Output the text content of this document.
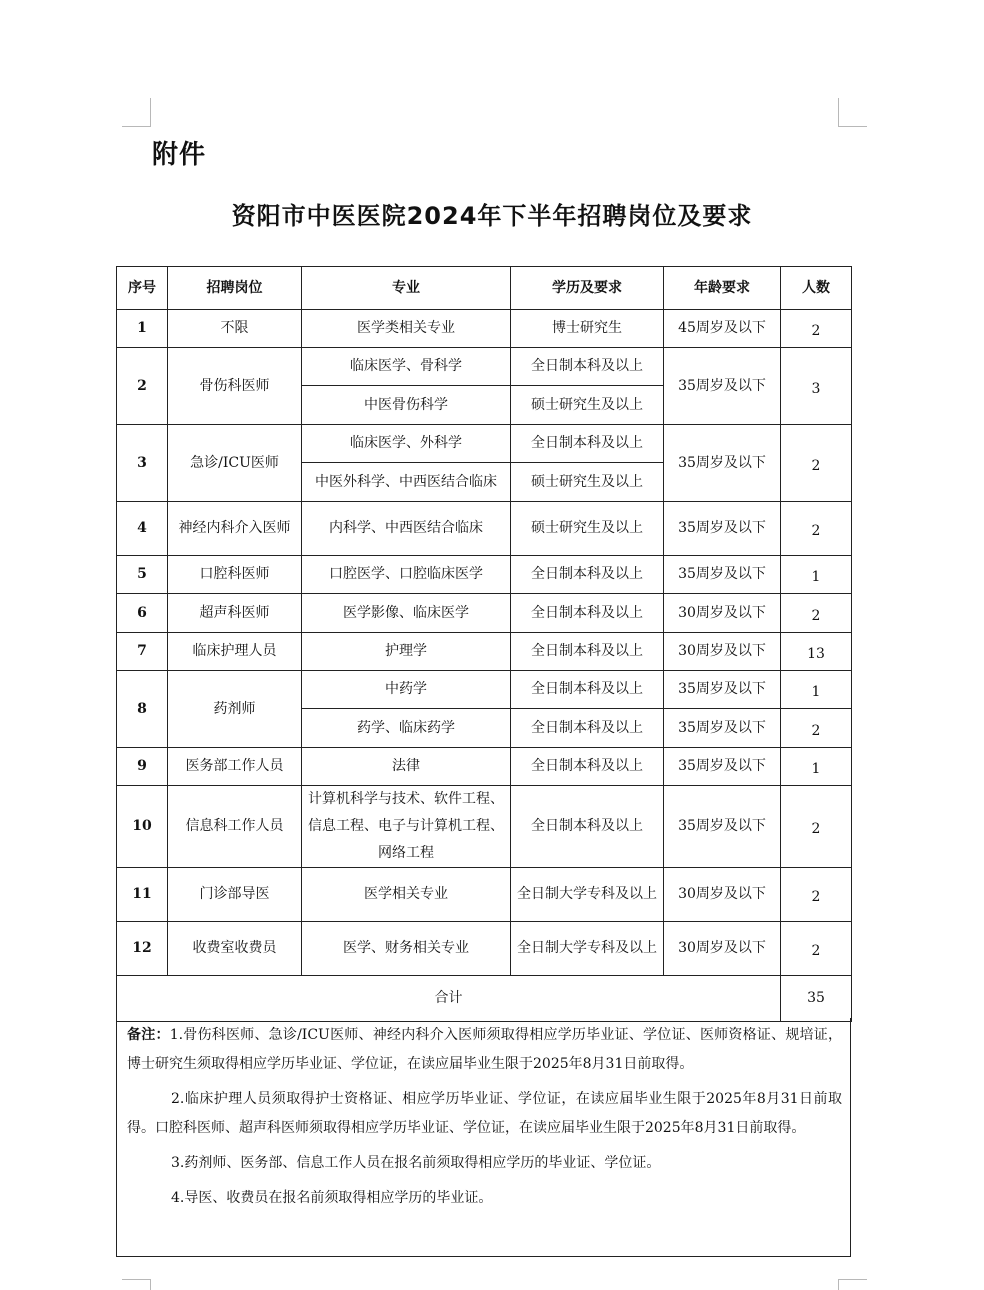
附件
资阳市中医医院2024年下半年招聘岗位及要求
序号	招聘岗位	专业	学历及要求	年龄要求	人数
1	不限	医学类相关专业	博士研究生	45周岁及以下	2
2	骨伤科医师	临床医学、骨科学	全日制本科及以上	35周岁及以下	3
		中医骨伤科学	硕士研究生及以上		
3	急诊/ICU医师	临床医学、外科学	全日制本科及以上	35周岁及以下	2
		中医外科学、中西医结合临床	硕士研究生及以上		
4	神经内科介入医师	内科学、中西医结合临床	硕士研究生及以上	35周岁及以下	2
5	口腔科医师	口腔医学、口腔临床医学	全日制本科及以上	35周岁及以下	1
6	超声科医师	医学影像、临床医学	全日制本科及以上	30周岁及以下	2
7	临床护理人员	护理学	全日制本科及以上	30周岁及以下	13
8	药剂师	中药学	全日制本科及以上	35周岁及以下	1
		药学、临床药学	全日制本科及以上	35周岁及以下	2
9	医务部工作人员	法律	全日制本科及以上	35周岁及以下	1
10	信息科工作人员	计算机科学与技术、软件工程、信息工程、电子与计算机工程、网络工程	全日制本科及以上	35周岁及以下	2
11	门诊部导医	医学相关专业	全日制大学专科及以上	30周岁及以下	2
12	收费室收费员	医学、财务相关专业	全日制大学专科及以上	30周岁及以下	2
合计					35

备注：1.骨伤科医师、急诊/ICU医师、神经内科介入医师须取得相应学历毕业证、学位证、医师资格证、规培证，博士研究生须取得相应学历毕业证、学位证，在读应届毕业生限于2025年8月31日前取得。

2.临床护理人员须取得护士资格证、相应学历毕业证、学位证，在读应届毕业生限于2025年8月31日前取得。口腔科医师、超声科医师须取得相应学历毕业证、学位证，在读应届毕业生限于2025年8月31日前取得。

3.药剂师、医务部、信息工作人员在报名前须取得相应学历的毕业证、学位证。

4.导医、收费员在报名前须取得相应学历的毕业证。
